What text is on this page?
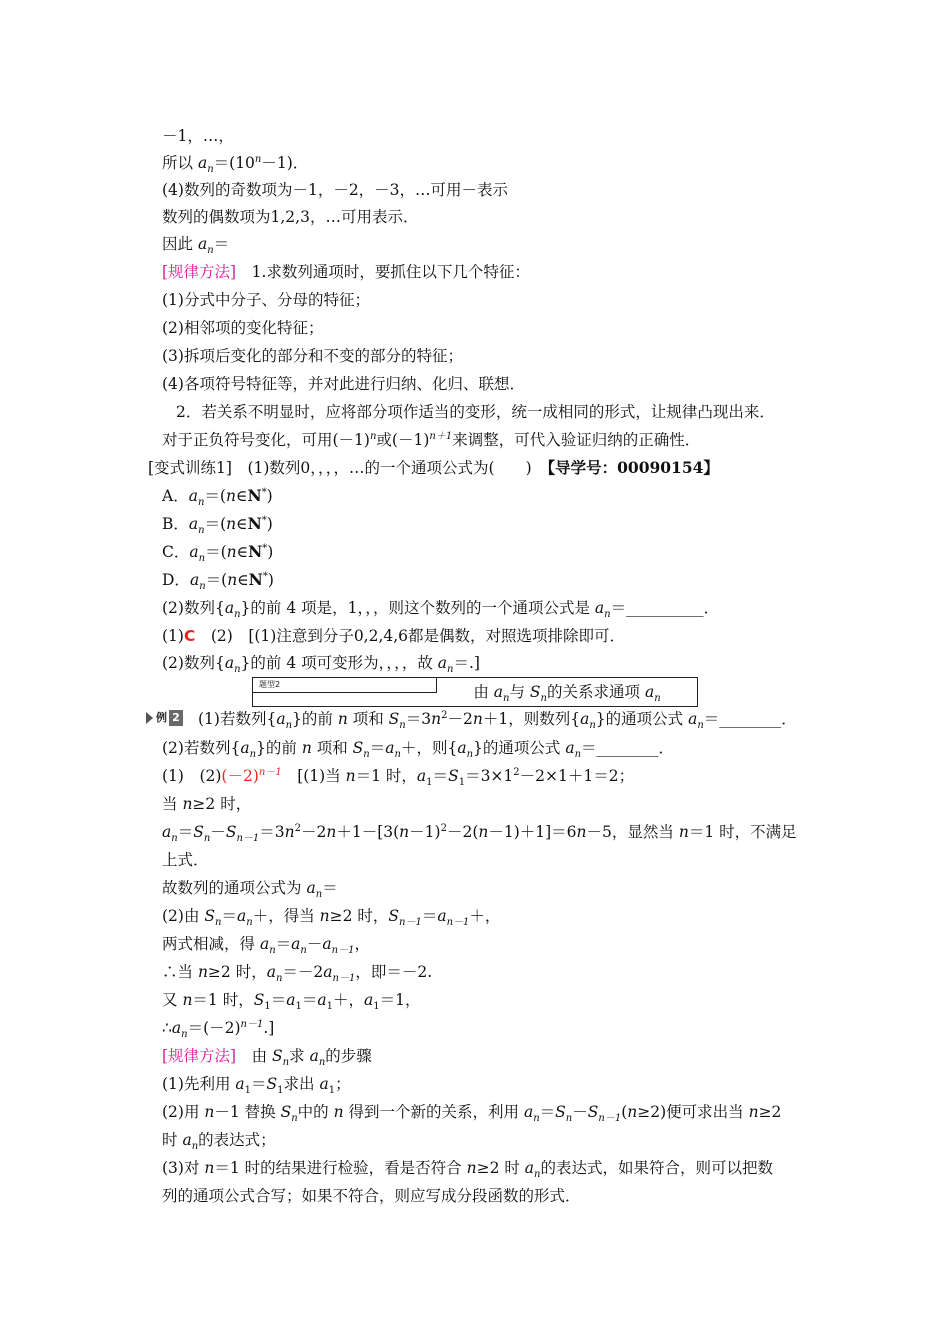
－1，…，
所以 $a_n=(10^n-1)$．
(4)数列的奇数项为－1，－2，－3，…可用－表示
数列的偶数项为1,2,3，…可用表示．
因此 $a_n=$
[规律方法]　1.求数列通项时，要抓住以下几个特征：
(1)分式中分子、分母的特征；
(2)相邻项的变化特征；
(3)拆项后变化的部分和不变的部分的特征；
(4)各项符号特征等，并对此进行归纳、化归、联想．
2．若关系不明显时，应将部分项作适当的变形，统一成相同的形式，让规律凸现出来．
对于正负符号变化，可用$(-1)^n$或$(-1)^{n+1}$来调整，可代入验证归纳的正确性．
[变式训练1]　(1)数列0，，，，…的一个通项公式为(　　) 【导学号：00090154】
A．$a_n=(n\in N^*)$
B．$a_n=(n\in N^*)$
C．$a_n=(n\in N^*)$
D．$a_n=(n\in N^*)$
(2)数列$\{a_n\}$的前 4 项是，1，，，则这个数列的一个通项公式是 $a_n=\_\_\_\_\_\_\_\_\_\_$．
(1)C　(2)　[(1)注意到分子0,2,4,6都是偶数，对照选项排除即可．
(2)数列$\{a_n\}$的前 4 项可变形为，，，，故 $a_n=$.]
题型2	由 $a_n$与 $S_n$的关系求通项 $a_n$
例 2 (1)若数列$\{a_n\}$的前 n 项和 $S_n=3n^2-2n+1$，则数列$\{a_n\}$的通项公式 $a_n=\_\_\_\_\_\_\_\_$．
(2)若数列$\{a_n\}$的前 n 项和 $S_n=a_n+$，则$\{a_n\}$的通项公式 $a_n=\_\_\_\_\_\_\_\_$．
(1)　$(2)(-2)^{n-1}$　[(1)当 n＝1 时，$a_1=S_1=3\times 1^2-2\times 1+1=2$；
当 n≥2 时，
$a_n=S_n-S_{n-1}=3n^2-2n+1-[3(n-1)^2-2(n-1)+1]=6n-5$，显然当 n＝1 时，不满足
上式．
故数列的通项公式为 $a_n=$
(2)由 $S_n=a_n+$，得当 n≥2 时，$S_{n-1}=a_{n-1}+$，
两式相减，得 $a_n=a_n-a_{n-1}$，
∴当 n≥2 时，$a_n=-2a_{n-1}$，即＝－2.
又 n＝1 时，$S_1=a_1=a_1+$，$a_1=1$，
$\therefore a_n=(-2)^{n-1}$.]
[规律方法]　由 $S_n$求 $a_n$的步骤
(1)先利用 $a_1=S_1$求出 $a_1$；
(2)用 n－1 替换 $S_n$中的 n 得到一个新的关系，利用 $a_n=S_n-S_{n-1}(n\ge 2)$便可求出当 n≥2
时 $a_n$的表达式；
(3)对 n＝1 时的结果进行检验，看是否符合 n≥2 时 $a_n$的表达式，如果符合，则可以把数
列的通项公式合写；如果不符合，则应写成分段函数的形式．
